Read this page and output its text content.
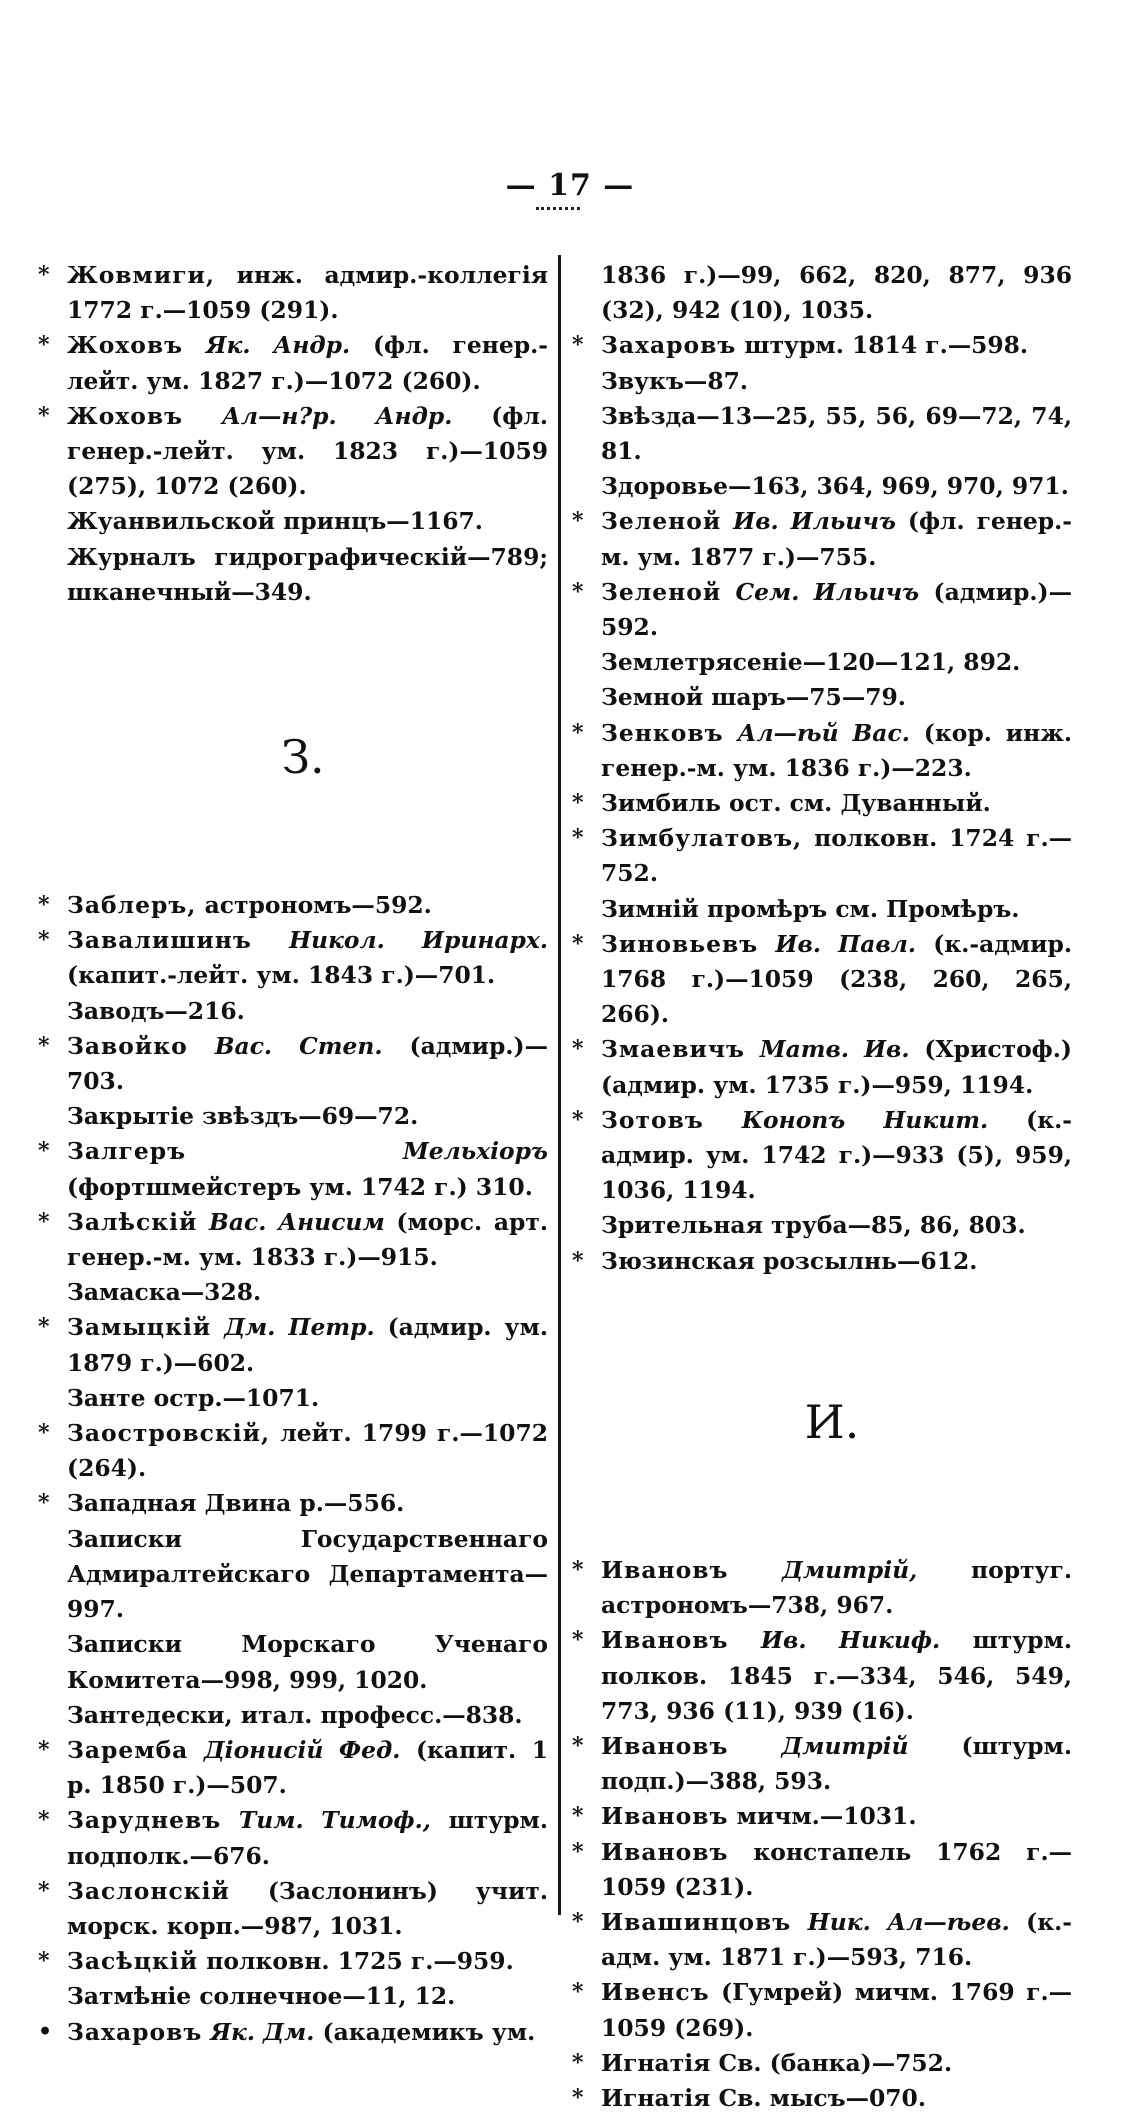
— 17 —
* Жовмиги, инж. адмир.-коллегія 1772 г.—1059 (291).
* Жоховъ Як. Андр. (фл. генер.-лейт. ум. 1827 г.)—1072 (260).
* Жоховъ Ал—н?р. Андр. (фл. генер.-лейт. ум. 1823 г.)—1059 (275), 1072 (260).
Жуанвильской принцъ—1167.
Журналъ гидрографическій—789; шканечный—349.
З.
* Заблеръ, астрономъ—592.
* Завалишинъ Никол. Иринарх. (капит.-лейт. ум. 1843 г.)—701.
Заводъ—216.
* Завойко Вас. Степ. (адмир.)—703.
Закрытіе звѣздъ—69—72.
* Залгеръ Мельхіоръ (фортшмейстеръ ум. 1742 г.) 310.
* Залѣскій Вас. Анисим (морс. арт. генер.-м. ум. 1833 г.)—915.
Замаска—328.
* Замыцкій Дм. Петр. (адмир. ум. 1879 г.)—602.
Занте остр.—1071.
* Заостровскій, лейт. 1799 г.—1072 (264).
* Западная Двина р.—556.
Записки Государственнаго Адмиралтейскаго Департамента—997.
Записки Морскаго Ученаго Комитета—998, 999, 1020.
Зантедески, итал. професс.—838.
* Заремба Діонисій Фед. (капит. 1 р. 1850 г.)—507.
* Зарудневъ Тим. Тимоф., штурм. подполк.—676.
* Заслонскій (Заслонинъ) учит. морск. корп.—987, 1031.
* Засѣцкій полковн. 1725 г.—959.
Затмѣніе солнечное—11, 12.
• Захаровъ Як. Дм. (академикъ ум.
1836 г.)—99, 662, 820, 877, 936 (32), 942 (10), 1035.
* Захаровъ штурм. 1814 г.—598.
Звукъ—87.
Звѣзда—13—25, 55, 56, 69—72, 74, 81.
Здоровье—163, 364, 969, 970, 971.
* Зеленой Ив. Ильичъ (фл. генер.-м. ум. 1877 г.)—755.
* Зеленой Сем. Ильичъ (адмир.)—592.
Землетрясеніе—120—121, 892.
Земной шаръ—75—79.
* Зенковъ Ал—ѣй Вас. (кор. инж. генер.-м. ум. 1836 г.)—223.
* Зимбиль ост. см. Дуванный.
* Зимбулатовъ, полковн. 1724 г.—752.
Зимній промѣръ см. Промѣръ.
* Зиновьевъ Ив. Павл. (к.-адмир. 1768 г.)—1059 (238, 260, 265, 266).
* Змаевичъ Матв. Ив. (Христоф.) (адмир. ум. 1735 г.)—959, 1194.
* Зотовъ Конопъ Никит. (к.-адмир. ум. 1742 г.)—933 (5), 959, 1036, 1194.
Зрительная труба—85, 86, 803.
* Зюзинская розсылнь—612.
И.
* Ивановъ Дмитрій, португ. астрономъ—738, 967.
* Ивановъ Ив. Никиф. штурм. полков. 1845 г.—334, 546, 549, 773, 936 (11), 939 (16).
* Ивановъ Дмитрій (штурм. подп.)—388, 593.
* Ивановъ мичм.—1031.
* Ивановъ констапель 1762 г.—1059 (231).
* Ивашинцовъ Ник. Ал—ѣев. (к.-адм. ум. 1871 г.)—593, 716.
* Ивенсъ (Гумрей) мичм. 1769 г.—1059 (269).
* Игнатія Св. (банка)—752.
* Игнатія Св. мысъ—070.
